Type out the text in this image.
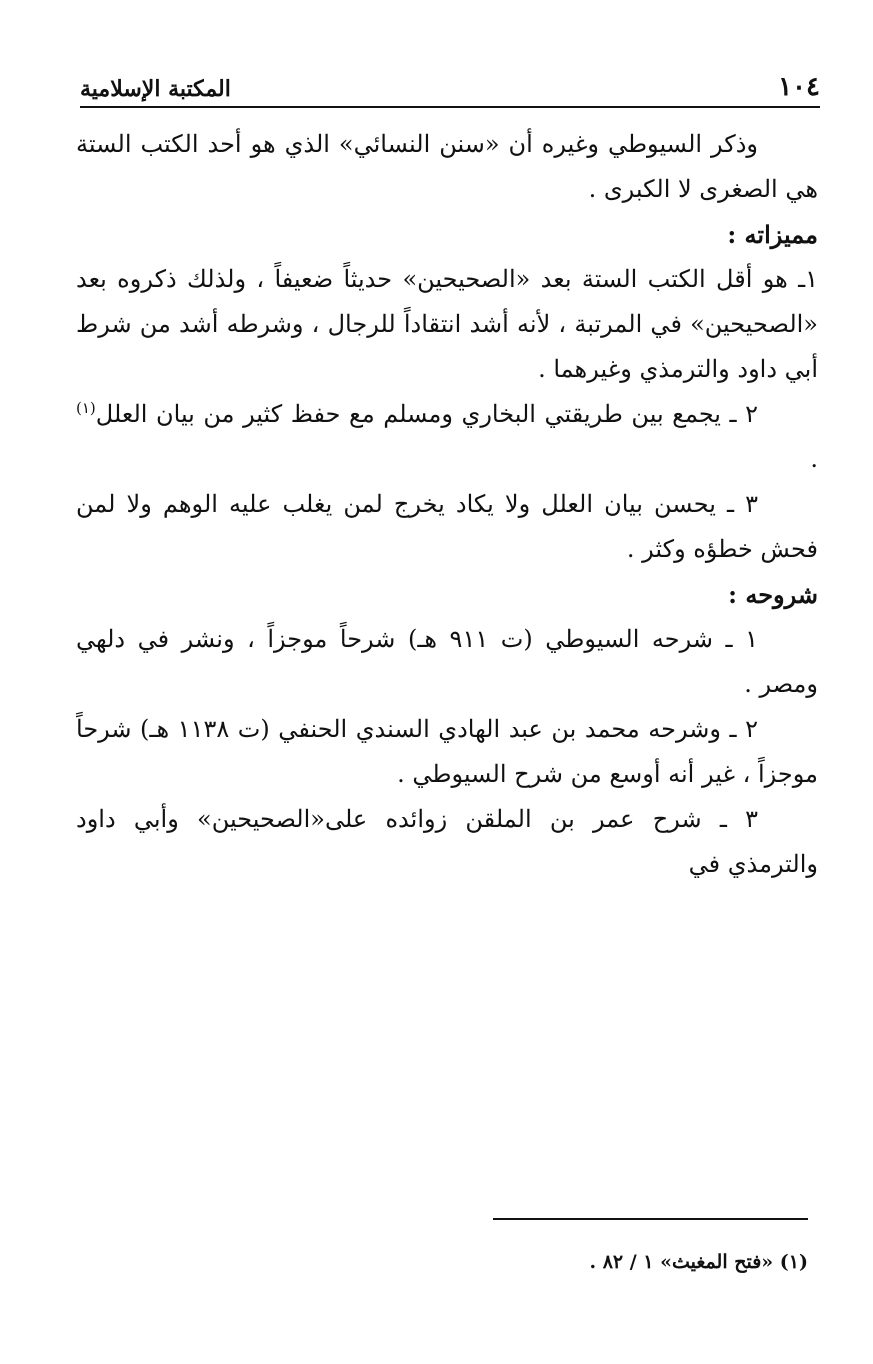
١٠٤
المكتبة الإسلامية

وذكر السيوطي وغيره أن «سنن النسائي» الذي هو أحد الكتب الستة هي الصغرى لا الكبرى .

مميزاته :

١ـ هو أقل الكتب الستة بعد «الصحيحين» حديثاً ضعيفاً ، ولذلك ذكروه بعد «الصحيحين» في المرتبة ، لأنه أشد انتقاداً للرجال ، وشرطه أشد من شرط أبي داود والترمذي وغيرهما .

٢ ـ يجمع بين طريقتي البخاري ومسلم مع حفظ كثير من بيان العلل$^{(١)}$ .

٣ ـ يحسن بيان العلل ولا يكاد يخرج لمن يغلب عليه الوهم ولا لمن فحش خطؤه وكثر .

شروحه :

١ ـ شرحه السيوطي (ت ٩١١ هـ) شرحاً موجزاً ، ونشر في دلهي ومصر .

٢ ـ وشرحه محمد بن عبد الهادي السندي الحنفي (ت ١١٣٨ هـ) شرحاً موجزاً ، غير أنه أوسع من شرح السيوطي .

٣ ـ شرح عمر بن الملقن زوائده على«الصحيحين» وأبي داود والترمذي في

(١) «فتح المغيث» ١ / ٨٢ .
